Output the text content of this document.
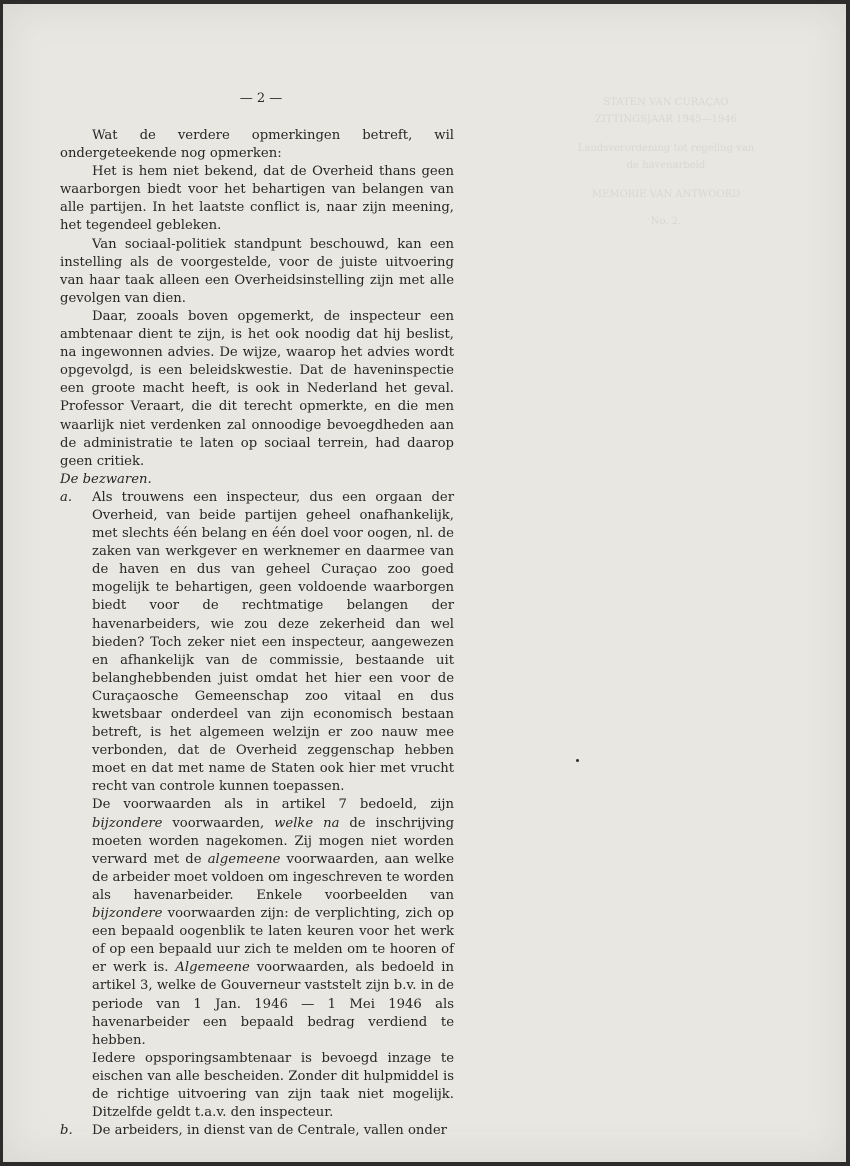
STATEN VAN CURAÇAO
ZITTINGSJAAR 1945—1946
Landsverordening tot regeling van
de havenarbeid
MEMORIE VAN ANTWOORD
No. 2.
— 2 —

Wat de verdere opmerkingen betreft, wil ondergeteekende nog opmerken:

Het is hem niet bekend, dat de Overheid thans geen waarborgen biedt voor het behartigen van belangen van alle partijen. In het laatste conflict is, naar zijn meening, het tegendeel gebleken.

Van sociaal-politiek standpunt beschouwd, kan een instelling als de voorgestelde, voor de juiste uitvoering van haar taak alleen een Overheidsinstelling zijn met alle gevolgen van dien.

Daar, zooals boven opgemerkt, de inspecteur een ambtenaar dient te zijn, is het ook noodig dat hij beslist, na ingewonnen advies. De wijze, waarop het advies wordt opgevolgd, is een beleidskwestie. Dat de haveninspectie een groote macht heeft, is ook in Nederland het geval. Professor Veraart, die dit terecht opmerkte, en die men waarlijk niet verdenken zal onnoodige bevoegdheden aan de administratie te laten op sociaal terrein, had daarop geen critiek.

De bezwaren.

a. Als trouwens een inspecteur, dus een orgaan der Overheid, van beide partijen geheel onafhankelijk, met slechts één belang en één doel voor oogen, nl. de zaken van werkgever en werknemer en daarmee van de haven en dus van geheel Curaçao zoo goed mogelijk te behartigen, geen voldoende waarborgen biedt voor de rechtmatige belangen der havenarbeiders, wie zou deze zekerheid dan wel bieden? Toch zeker niet een inspecteur, aangewezen en afhankelijk van de commissie, bestaande uit belanghebbenden juist omdat het hier een voor de Curaçaosche Gemeenschap zoo vitaal en dus kwetsbaar onderdeel van zijn economisch bestaan betreft, is het algemeen welzijn er zoo nauw mee verbonden, dat de Overheid zeggenschap hebben moet en dat met name de Staten ook hier met vrucht recht van controle kunnen toepassen.
De voorwaarden als in artikel 7 bedoeld, zijn bijzondere voorwaarden, welke na de inschrijving moeten worden nagekomen. Zij mogen niet worden verward met de algemeene voorwaarden, aan welke de arbeider moet voldoen om ingeschreven te worden als havenarbeider. Enkele voorbeelden van bijzondere voorwaarden zijn: de verplichting, zich op een bepaald oogenblik te laten keuren voor het werk of op een bepaald uur zich te melden om te hooren of er werk is. Algemeene voorwaarden, als bedoeld in artikel 3, welke de Gouverneur vaststelt zijn b.v. in de periode van 1 Jan. 1946 — 1 Mei 1946 als havenarbeider een bepaald bedrag verdiend te hebben.
Iedere opsporingsambtenaar is bevoegd inzage te eischen van alle bescheiden. Zonder dit hulpmiddel is de richtige uitvoering van zijn taak niet mogelijk. Ditzelfde geldt t.a.v. den inspecteur.
b. De arbeiders, in dienst van de Centrale, vallen onder
